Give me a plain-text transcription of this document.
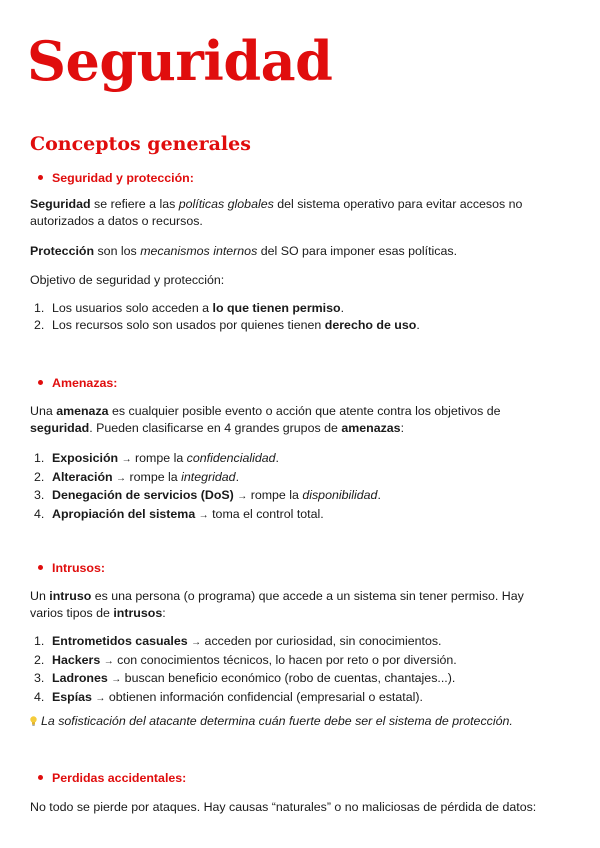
Seguridad
Conceptos generales
Seguridad y protección:

Seguridad se refiere a las políticas globales del sistema operativo para evitar accesos no autorizados a datos o recursos.

Protección son los mecanismos internos del SO para imponer esas políticas.

Objetivo de seguridad y protección:

1. Los usuarios solo acceden a lo que tienen permiso.
2. Los recursos solo son usados por quienes tienen derecho de uso.
Amenazas:

Una amenaza es cualquier posible evento o acción que atente contra los objetivos de seguridad. Pueden clasificarse en 4 grandes grupos de amenazas:

1. Exposición → rompe la confidencialidad.
2. Alteración → rompe la integridad.
3. Denegación de servicios (DoS) → rompe la disponibilidad.
4. Apropiación del sistema → toma el control total.
Intrusos:

Un intruso es una persona (o programa) que accede a un sistema sin tener permiso. Hay varios tipos de intrusos:

1. Entrometidos casuales → acceden por curiosidad, sin conocimientos.
2. Hackers → con conocimientos técnicos, lo hacen por reto o por diversión.
3. Ladrones → buscan beneficio económico (robo de cuentas, chantajes...).
4. Espías → obtienen información confidencial (empresarial o estatal).

La sofisticación del atacante determina cuán fuerte debe ser el sistema de protección.

Perdidas accidentales:

No todo se pierde por ataques. Hay causas “naturales” o no maliciosas de pérdida de datos:
